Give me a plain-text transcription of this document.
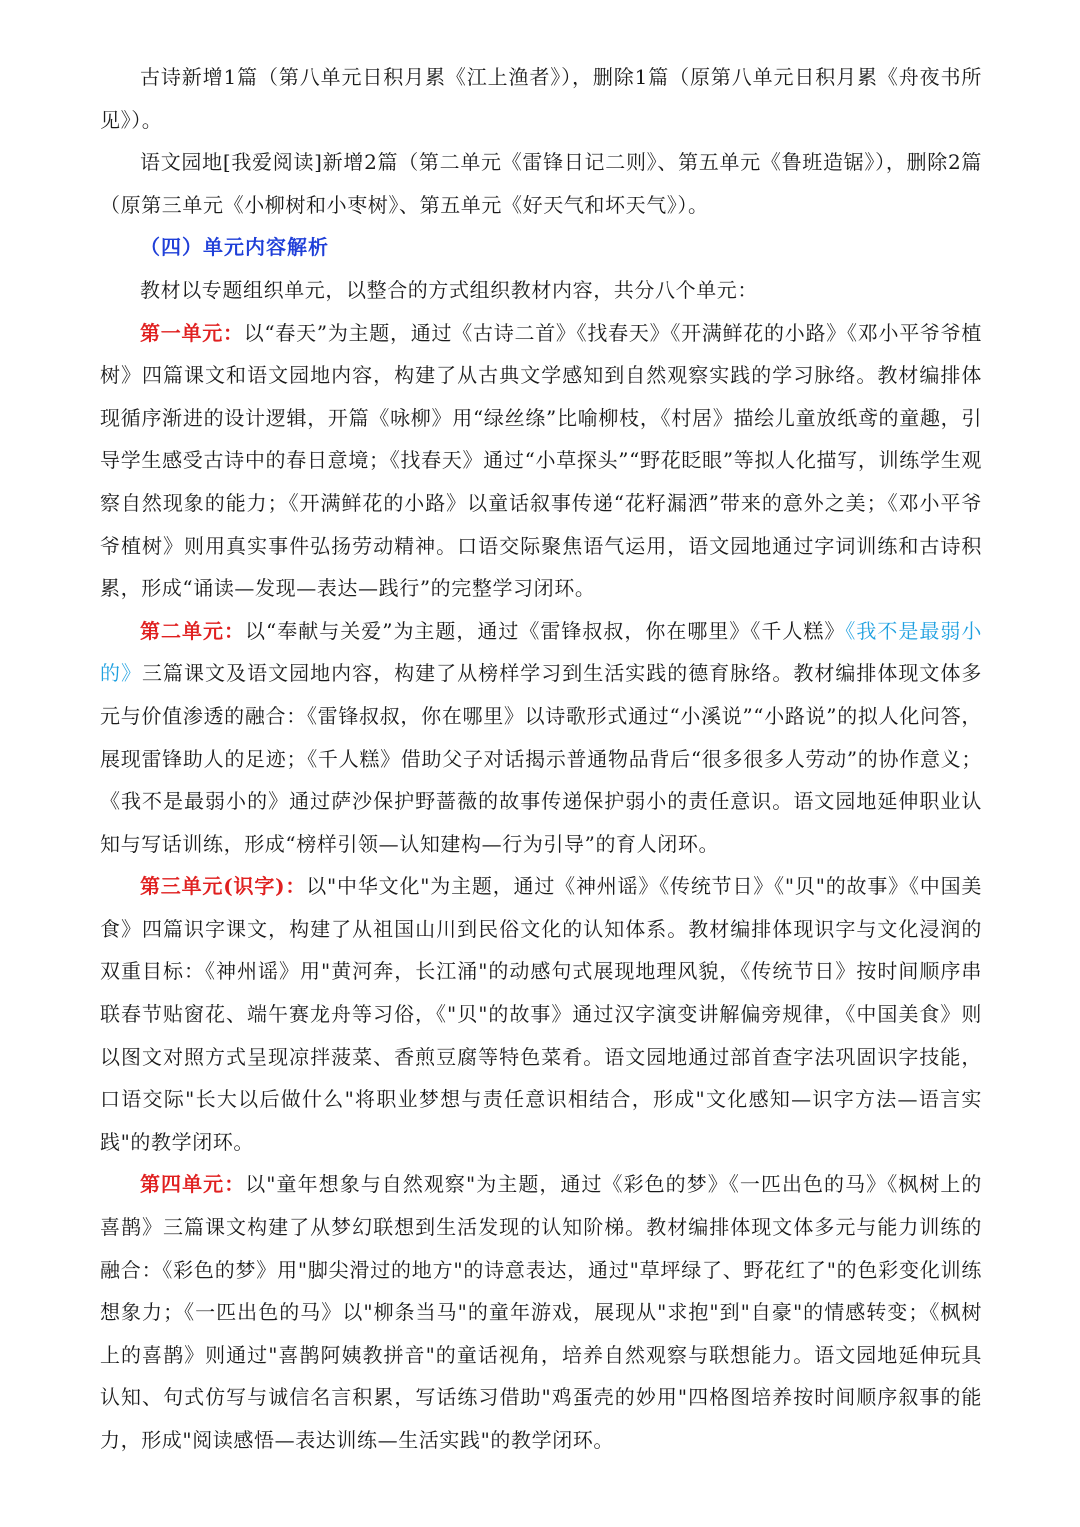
古诗新增1篇（第八单元日积月累《江上渔者》），删除1篇（原第八单元日积月累《舟夜书所见》）。

语文园地[我爱阅读]新增2篇（第二单元《雷锋日记二则》、第五单元《鲁班造锯》），删除2篇（原第三单元《小柳树和小枣树》、第五单元《好天气和坏天气》）。

（四）单元内容解析

教材以专题组织单元，以整合的方式组织教材内容，共分八个单元：

第一单元：以“春天”为主题，通过《古诗二首》《找春天》《开满鲜花的小路》《邓小平爷爷植树》四篇课文和语文园地内容，构建了从古典文学感知到自然观察实践的学习脉络。教材编排体现循序渐进的设计逻辑，开篇《咏柳》用“绿丝绦”比喻柳枝，《村居》描绘儿童放纸鸢的童趣，引导学生感受古诗中的春日意境；《找春天》通过“小草探头”“野花眨眼”等拟人化描写，训练学生观察自然现象的能力；《开满鲜花的小路》以童话叙事传递“花籽漏洒”带来的意外之美；《邓小平爷爷植树》则用真实事件弘扬劳动精神。口语交际聚焦语气运用，语文园地通过字词训练和古诗积累，形成“诵读—发现—表达—践行”的完整学习闭环。

第二单元：以“奉献与关爱”为主题，通过《雷锋叔叔，你在哪里》《千人糕》《我不是最弱小的》三篇课文及语文园地内容，构建了从榜样学习到生活实践的德育脉络。教材编排体现文体多元与价值渗透的融合：《雷锋叔叔，你在哪里》以诗歌形式通过“小溪说”“小路说”的拟人化问答，展现雷锋助人的足迹；《千人糕》借助父子对话揭示普通物品背后“很多很多人劳动”的协作意义；《我不是最弱小的》通过萨沙保护野蔷薇的故事传递保护弱小的责任意识。语文园地延伸职业认知与写话训练，形成“榜样引领—认知建构—行为引导”的育人闭环。

第三单元(识字)：以"中华文化"为主题，通过《神州谣》《传统节日》《"贝"的故事》《中国美食》四篇识字课文，构建了从祖国山川到民俗文化的认知体系。教材编排体现识字与文化浸润的双重目标：《神州谣》用"黄河奔，长江涌"的动感句式展现地理风貌，《传统节日》按时间顺序串联春节贴窗花、端午赛龙舟等习俗，《"贝"的故事》通过汉字演变讲解偏旁规律，《中国美食》则以图文对照方式呈现凉拌菠菜、香煎豆腐等特色菜肴。语文园地通过部首查字法巩固识字技能，口语交际"长大以后做什么"将职业梦想与责任意识相结合，形成"文化感知—识字方法—语言实践"的教学闭环。

第四单元：以"童年想象与自然观察"为主题，通过《彩色的梦》《一匹出色的马》《枫树上的喜鹊》三篇课文构建了从梦幻联想到生活发现的认知阶梯。教材编排体现文体多元与能力训练的融合：《彩色的梦》用"脚尖滑过的地方"的诗意表达，通过"草坪绿了、野花红了"的色彩变化训练想象力；《一匹出色的马》以"柳条当马"的童年游戏，展现从"求抱"到"自豪"的情感转变；《枫树上的喜鹊》则通过"喜鹊阿姨教拼音"的童话视角，培养自然观察与联想能力。语文园地延伸玩具认知、句式仿写与诚信名言积累，写话练习借助"鸡蛋壳的妙用"四格图培养按时间顺序叙事的能力，形成"阅读感悟—表达训练—生活实践"的教学闭环。
